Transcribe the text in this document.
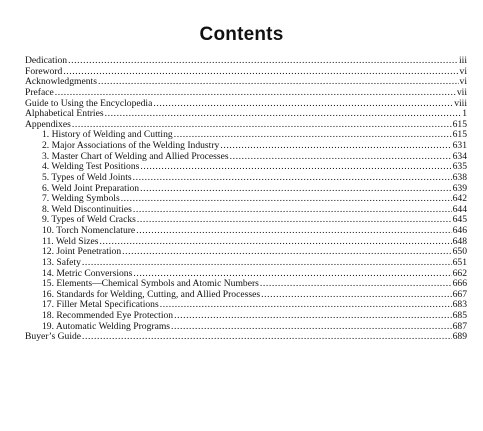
Contents
Dedication .....	iii
Foreword .....	vi
Acknowledgments .....	vi
Preface .....	vii
Guide to Using the Encyclopedia .....	viii
Alphabetical Entries .....	1
Appendixes .....	615
1. History of Welding and Cutting .....	615
2. Major Associations of the Welding Industry .....	631
3. Master Chart of Welding and Allied Processes .....	634
4. Welding Test Positions .....	635
5. Types of Weld Joints .....	638
6. Weld Joint Preparation .....	639
7. Welding Symbols .....	642
8. Weld Discontinuities .....	644
9. Types of Weld Cracks .....	645
10. Torch Nomenclature .....	646
11. Weld Sizes .....	648
12. Joint Penetration .....	650
13. Safety .....	651
14. Metric Conversions .....	662
15. Elements—Chemical Symbols and Atomic Numbers .....	666
16. Standards for Welding, Cutting, and Allied Processes .....	667
17. Filler Metal Specifications .....	683
18. Recommended Eye Protection .....	685
19. Automatic Welding Programs .....	687
Buyer’s Guide .....	689
